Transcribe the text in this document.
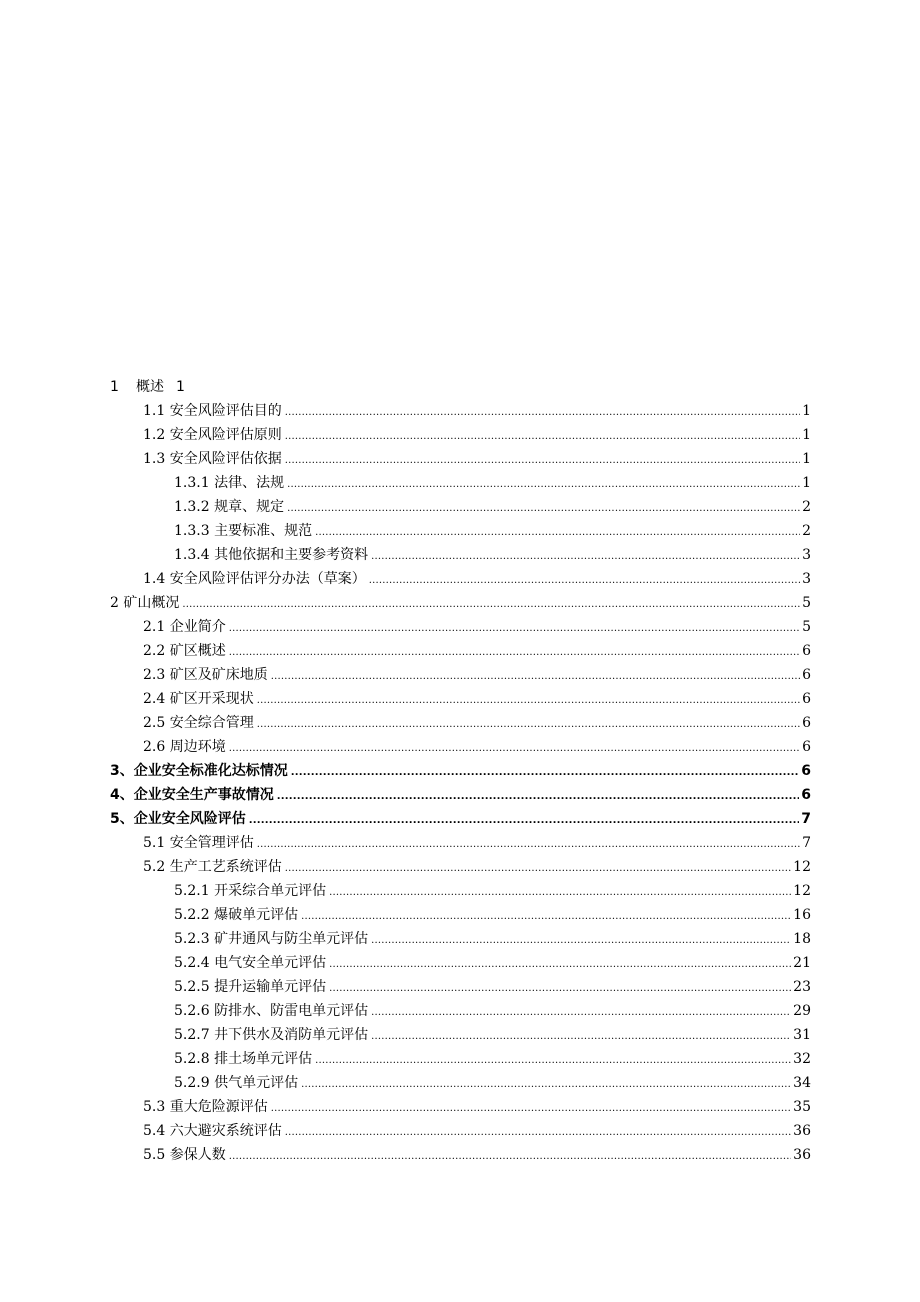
1	概述 1
1.1 安全风险评估目的 .....	1
1.2 安全风险评估原则 .....	1
1.3 安全风险评估依据 .....	1
1.3.1 法律、法规 .....	1
1.3.2 规章、规定 .....	2
1.3.3 主要标准、规范 .....	2
1.3.4 其他依据和主要参考资料 .....	3
1.4 安全风险评估评分办法（草案） .....	3
2 矿山概况 .....	5
2.1 企业简介 .....	5
2.2 矿区概述 .....	6
2.3 矿区及矿床地质 .....	6
2.4 矿区开采现状 .....	6
2.5 安全综合管理 .....	6
2.6 周边环境 .....	6
3、企业安全标准化达标情况 .....	6
4、企业安全生产事故情况 .....	6
5、企业安全风险评估 .....	7
5.1 安全管理评估 .....	7
5.2 生产工艺系统评估 .....	12
5.2.1 开采综合单元评估 .....	12
5.2.2 爆破单元评估 .....	16
5.2.3 矿井通风与防尘单元评估 .....	18
5.2.4 电气安全单元评估 .....	21
5.2.5 提升运输单元评估 .....	23
5.2.6 防排水、防雷电单元评估 .....	29
5.2.7 井下供水及消防单元评估 .....	31
5.2.8 排土场单元评估 .....	32
5.2.9 供气单元评估 .....	34
5.3 重大危险源评估 .....	35
5.4 六大避灾系统评估 .....	36
5.5 参保人数 .....	36
